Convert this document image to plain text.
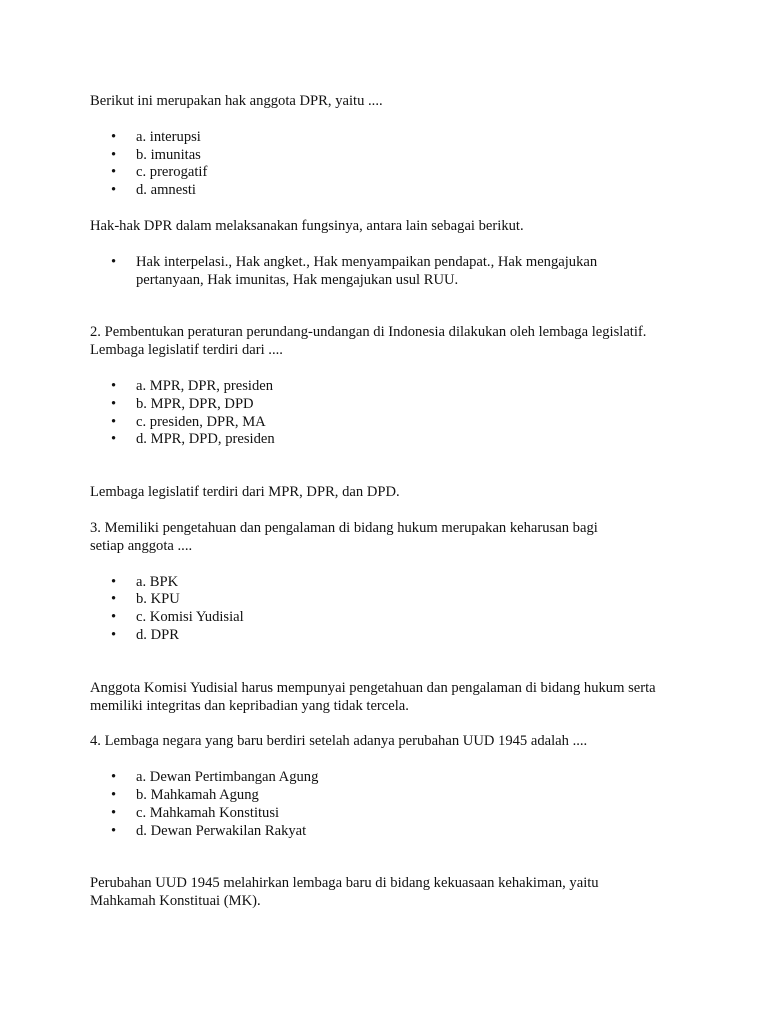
Berikut ini merupakan hak anggota DPR, yaitu ....

• a. interupsi
• b. imunitas
• c. prerogatif
• d. amnesti

Hak-hak DPR dalam melaksanakan fungsinya, antara lain sebagai berikut.

• Hak interpelasi., Hak angket., Hak menyampaikan pendapat., Hak mengajukan pertanyaan, Hak imunitas, Hak mengajukan usul RUU.

2. Pembentukan peraturan perundang-undangan di Indonesia dilakukan oleh lembaga legislatif.
Lembaga legislatif terdiri dari ....

• a. MPR, DPR, presiden
• b. MPR, DPR, DPD
• c. presiden, DPR, MA
• d. MPR, DPD, presiden

Lembaga legislatif terdiri dari MPR, DPR, dan DPD.

3. Memiliki pengetahuan dan pengalaman di bidang hukum merupakan keharusan bagi
setiap anggota ....

• a. BPK
• b. KPU
• c. Komisi Yudisial
• d. DPR

Anggota Komisi Yudisial harus mempunyai pengetahuan dan pengalaman di bidang hukum serta
memiliki integritas dan kepribadian yang tidak tercela.

4. Lembaga negara yang baru berdiri setelah adanya perubahan UUD 1945 adalah ....

• a. Dewan Pertimbangan Agung
• b. Mahkamah Agung
• c. Mahkamah Konstitusi
• d. Dewan Perwakilan Rakyat

Perubahan UUD 1945 melahirkan lembaga baru di bidang kekuasaan kehakiman, yaitu
Mahkamah Konstituai (MK).
